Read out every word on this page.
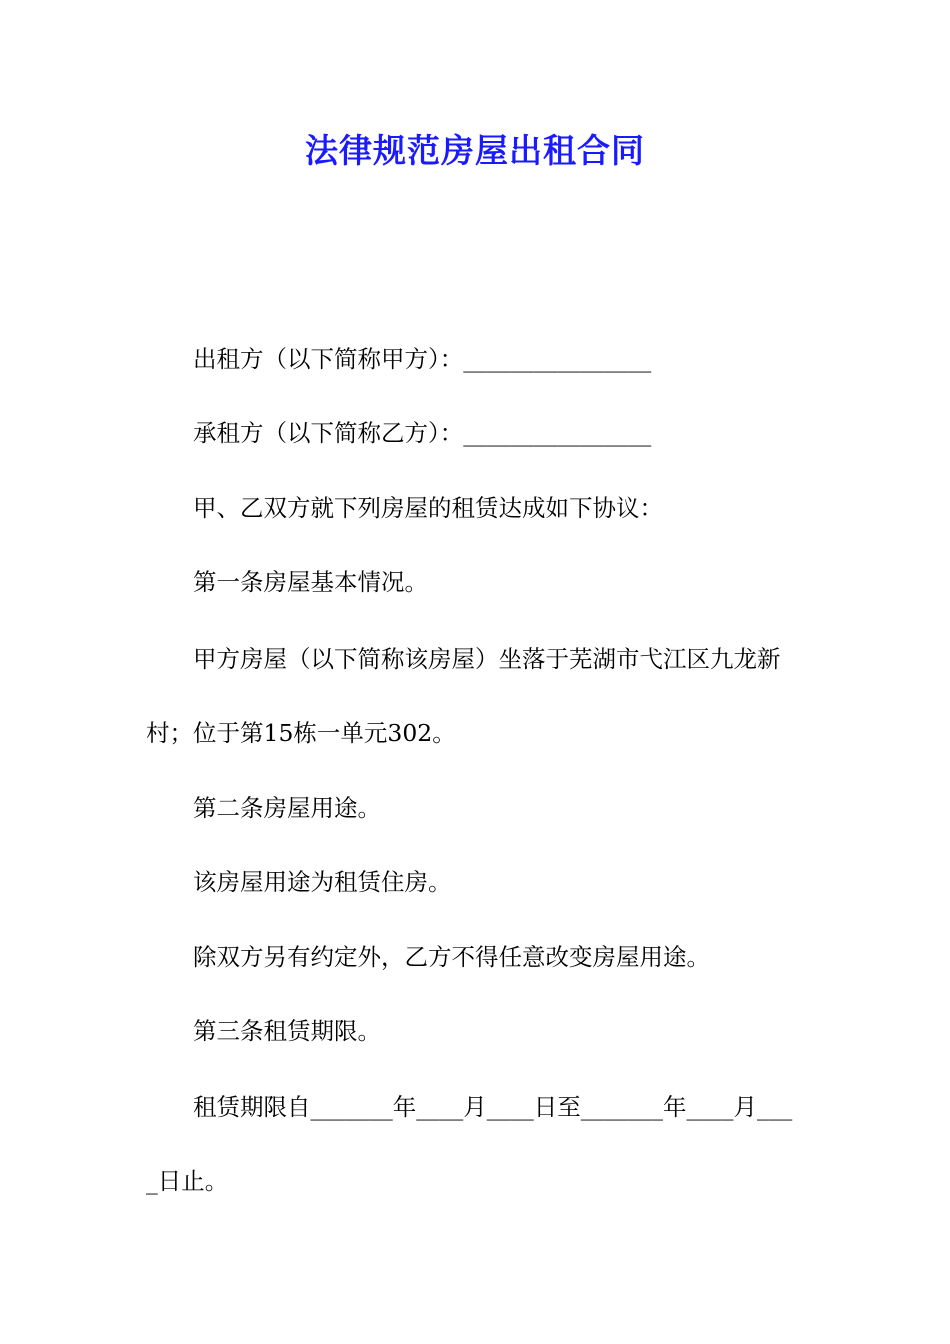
法律规范房屋出租合同
出租方（以下简称甲方）：________________
承租方（以下简称乙方）：________________
甲、乙双方就下列房屋的租赁达成如下协议：
第一条房屋基本情况。
甲方房屋（以下简称该房屋）坐落于芜湖市弋江区九龙新
村；位于第15栋一单元302。
第二条房屋用途。
该房屋用途为租赁住房。
除双方另有约定外，乙方不得任意改变房屋用途。
第三条租赁期限。
租赁期限自_______年____月____日至_______年____月___
_日止。
